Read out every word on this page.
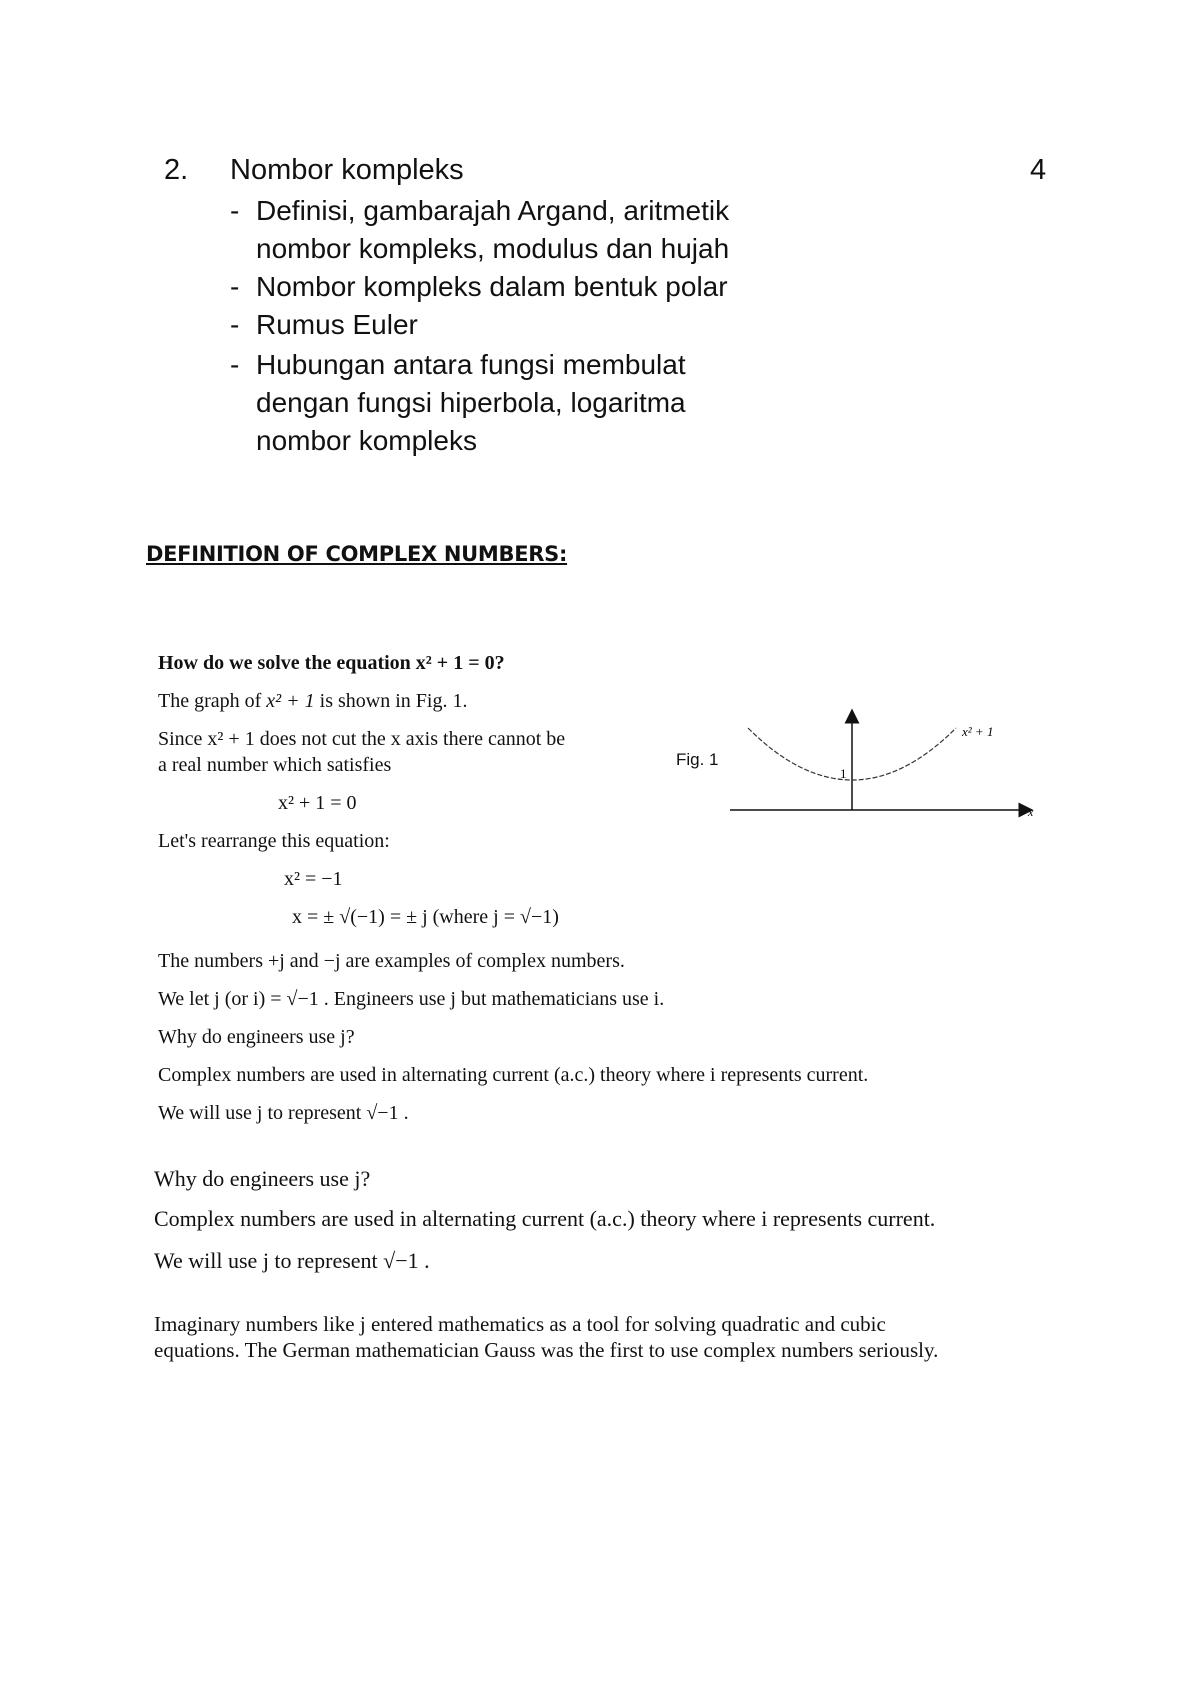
2. Nombor kompleks	4
- Definisi, gambarajah Argand, aritmetik
nombor kompleks, modulus dan hujah
- Nombor kompleks dalam bentuk polar
- Rumus Euler
- Hubungan antara fungsi membulat
dengan fungsi hiperbola, logaritma
nombor kompleks
DEFINITION OF COMPLEX NUMBERS:
How do we solve the equation x² + 1 = 0?
The graph of x² + 1 is shown in Fig. 1.
Since x² + 1 does not cut the x axis there cannot be
a real number which satisfies
x² + 1 = 0
Let's rearrange this equation:
x² = −1
x = ± √(−1) = ± j (where j = √−1)
The numbers +j and −j are examples of complex numbers.
We let j (or i) = √−1 . Engineers use j but mathematicians use i.
Why do engineers use j?
Complex numbers are used in alternating current (a.c.) theory where i represents current.
We will use j to represent √−1 .
Fig. 1
x² + 1
1
x
Why do engineers use j?
Complex numbers are used in alternating current (a.c.) theory where i represents current.
We will use j to represent √−1 .
Imaginary numbers like j entered mathematics as a tool for solving quadratic and cubic
equations. The German mathematician Gauss was the first to use complex numbers seriously.
